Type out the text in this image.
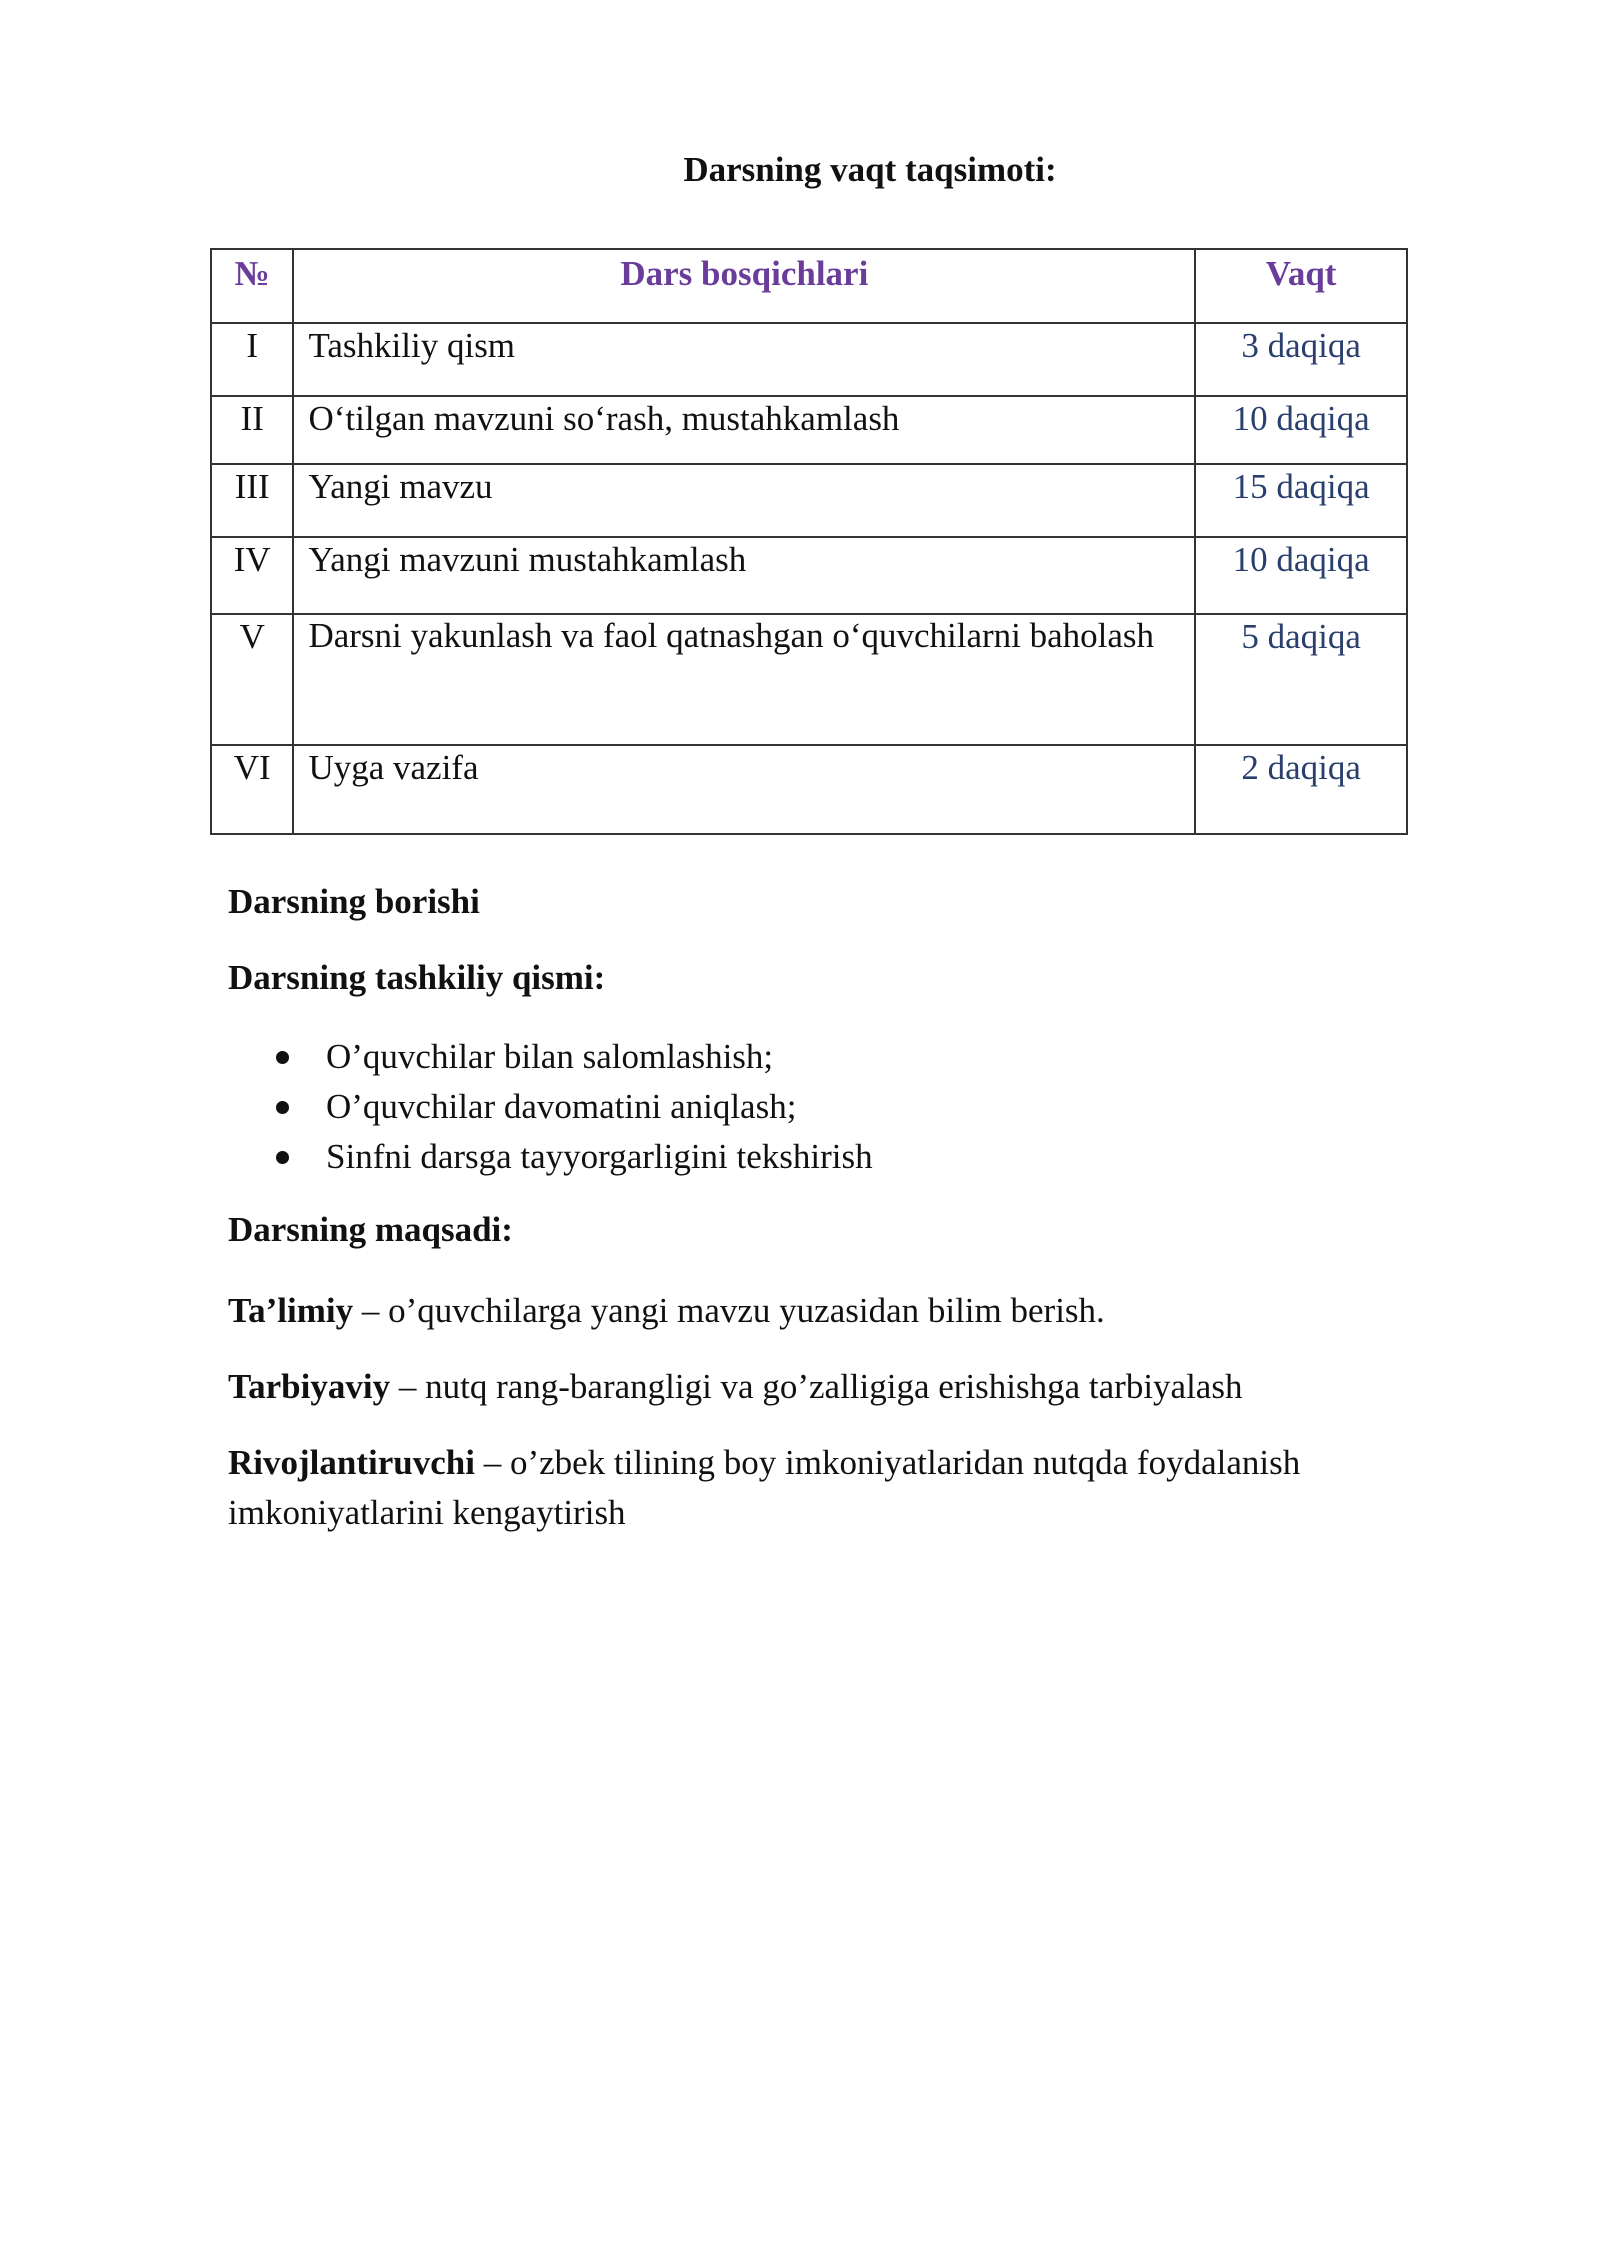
Darsning vaqt taqsimoti:
№	Dars bosqichlari	Vaqt
I	Tashkiliy qism	3 daqiqa
II	O‘tilgan mavzuni so‘rash, mustahkamlash	10 daqiqa
III	Yangi mavzu	15 daqiqa
IV	Yangi mavzuni mustahkamlash	10 daqiqa
V	Darsni yakunlash va faol qatnashgan o‘quvchilarni baholash	5 daqiqa
VI	Uyga vazifa	2 daqiqa
Darsning borishi
Darsning tashkiliy qismi:
O’quvchilar bilan salomlashish;
O’quvchilar davomatini aniqlash;
Sinfni darsga tayyorgarligini tekshirish
Darsning maqsadi:
Ta’limiy – o’quvchilarga yangi mavzu yuzasidan bilim berish.
Tarbiyaviy – nutq rang-barangligi va go’zalligiga erishishga tarbiyalash
Rivojlantiruvchi – o’zbek tilining boy imkoniyatlaridan nutqda foydalanish imkoniyatlarini kengaytirish
